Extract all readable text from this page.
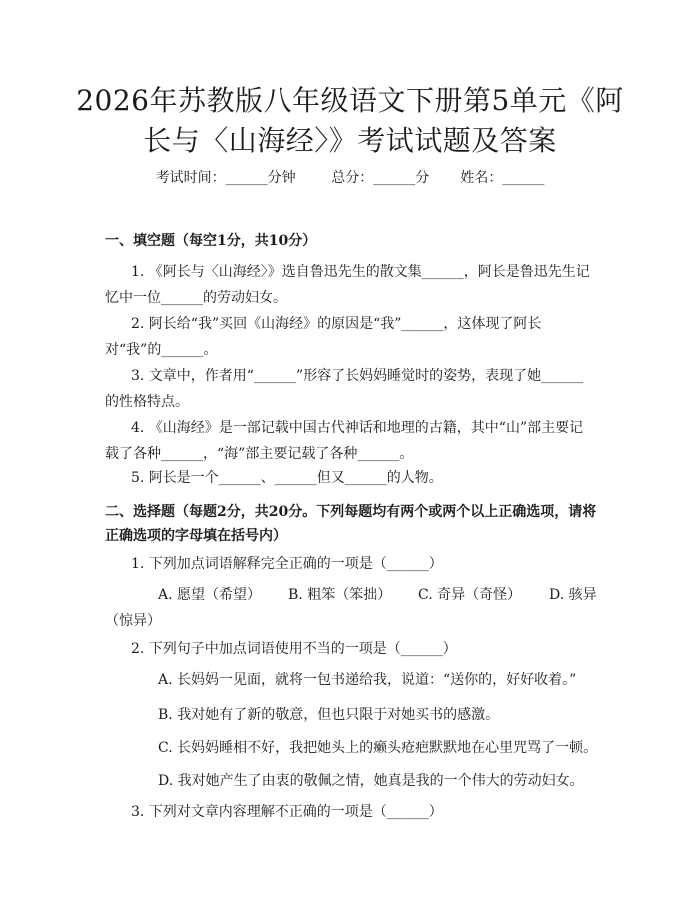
2026年苏教版八年级语文下册第5单元《阿
长与〈山海经〉》考试试题及答案
考试时间：______分钟	总分：______分 姓名：______
一、填空题（每空1分，共10分）
1. 《阿长与〈山海经〉》选自鲁迅先生的散文集______，阿长是鲁迅先生记忆中一位______的劳动妇女。
2. 阿长给“我”买回《山海经》的原因是“我”______，这体现了阿长对“我”的______。
3. 文章中，作者用“______”形容了长妈妈睡觉时的姿势，表现了她______的性格特点。
4. 《山海经》是一部记载中国古代神话和地理的古籍，其中“山”部主要记载了各种______，“海”部主要记载了各种______。
5. 阿长是一个______、______但又______的人物。
二、选择题（每题2分，共20分。下列每题均有两个或两个以上正确选项，请将
正确选项的字母填在括号内）
1. 下列加点词语解释完全正确的一项是（______）
A. 愿望（希望） B. 粗笨（笨拙） C. 奇异（奇怪） D. 骇异
（惊异）
2. 下列句子中加点词语使用不当的一项是（______）
A. 长妈妈一见面，就将一包书递给我，说道：“送你的，好好收着。”
B. 我对她有了新的敬意，但也只限于对她买书的感激。
C. 长妈妈睡相不好，我把她头上的癞头疮疤默默地在心里咒骂了一顿。
D. 我对她产生了由衷的敬佩之情，她真是我的一个伟大的劳动妇女。
3. 下列对文章内容理解不正确的一项是（______）
